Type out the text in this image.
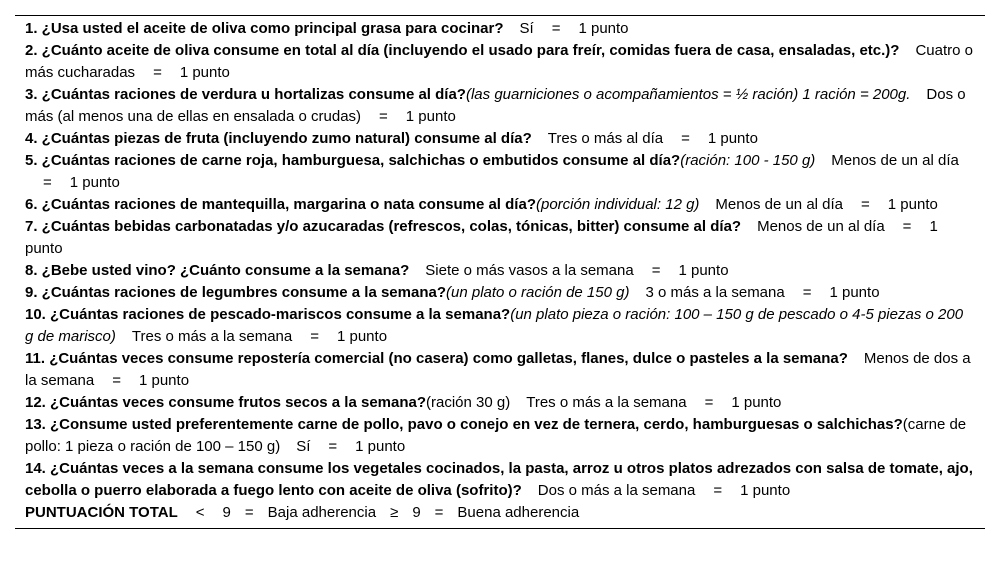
1. ¿Usa usted el aceite de oliva como principal grasa para cocinar? Sí = 1 punto
2. ¿Cuánto aceite de oliva consume en total al día (incluyendo el usado para freír, comidas fuera de casa, ensaladas, etc.)? Cuatro o más cucharadas = 1 punto
3. ¿Cuántas raciones de verdura u hortalizas consume al día?(las guarniciones o acompañamientos = ½ ración) 1 ración = 200g. Dos o más (al menos una de ellas en ensalada o crudas) = 1 punto
4. ¿Cuántas piezas de fruta (incluyendo zumo natural) consume al día? Tres o más al día = 1 punto
5. ¿Cuántas raciones de carne roja, hamburguesa, salchichas o embutidos consume al día?(ración: 100 - 150 g) Menos de un al día= 1 punto
6. ¿Cuántas raciones de mantequilla, margarina o nata consume al día?(porción individual: 12 g) Menos de un al día = 1 punto
7. ¿Cuántas bebidas carbonatadas y/o azucaradas (refrescos, colas, tónicas, bitter) consume al día? Menos de un al día = 1 punto
8. ¿Bebe usted vino? ¿Cuánto consume a la semana? Siete o más vasos a la semana = 1 punto
9. ¿Cuántas raciones de legumbres consume a la semana?(un plato o ración de 150 g) 3 o más a la semana = 1 punto
10. ¿Cuántas raciones de pescado-mariscos consume a la semana?(un plato pieza o ración: 100 – 150 g de pescado o 4-5 piezas o 200 g de marisco) Tres o más a la semana = 1 punto
11. ¿Cuántas veces consume repostería comercial (no casera) como galletas, flanes, dulce o pasteles a la semana? Menos de dos a la semana = 1 punto
12. ¿Cuántas veces consume frutos secos a la semana?(ración 30 g) Tres o más a la semana = 1 punto
13. ¿Consume usted preferentemente carne de pollo, pavo o conejo en vez de ternera, cerdo, hamburguesas o salchichas?(carne de pollo: 1 pieza o ración de 100 – 150 g) Sí = 1 punto
14. ¿Cuántas veces a la semana consume los vegetales cocinados, la pasta, arroz u otros platos adrezados con salsa de tomate, ajo, cebolla o puerro elaborada a fuego lento con aceite de oliva (sofrito)? Dos o más a la semana = 1 punto
PUNTUACIÓN TOTAL < 9 = Baja adherencia ≥ 9 = Buena adherencia
